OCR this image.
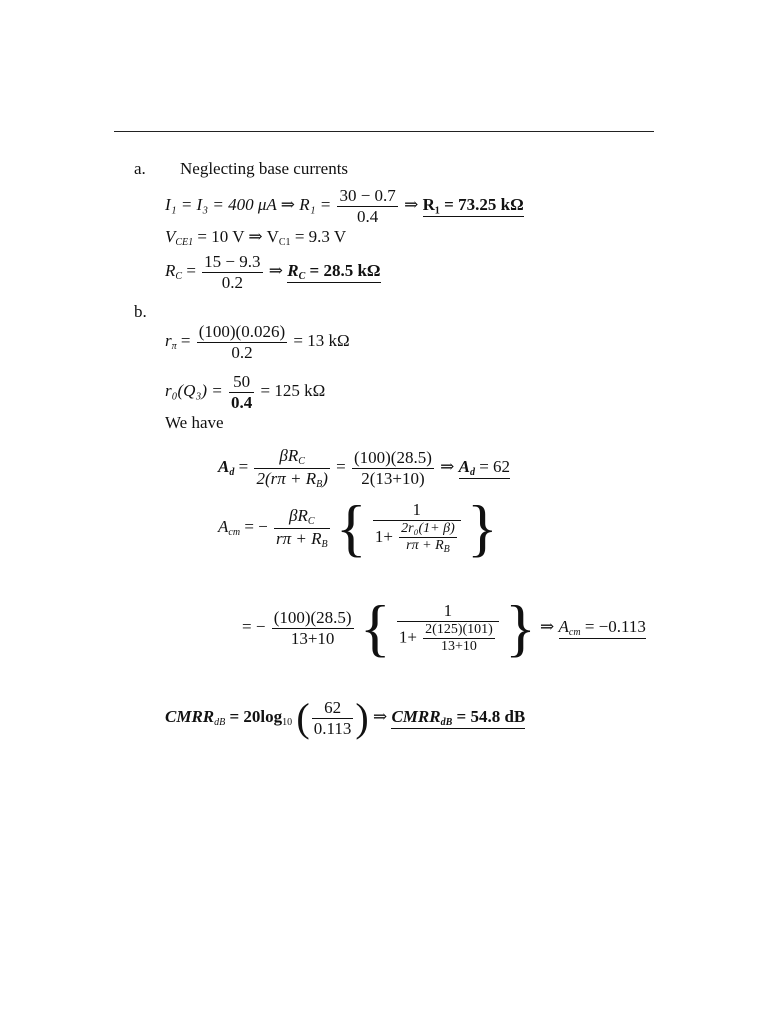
a. Neglecting base currents
I₁ = I₃ = 400 μA ⇒ $R_1 = \frac{30 - 0.7}{0.4}$ ⇒ R₁ = 73.25 kΩ
$V_{CE1} = 10$ V ⇒ $V_{C1} = 9.3$ V
$R_C = \frac{15 - 9.3}{0.2}$ ⇒ $R_C = 28.5$ kΩ
b.
$r_\pi = \frac{(100)(0.026)}{0.2} = 13$ kΩ
$r_0(Q_3) = \frac{50}{0.4} = 125$ kΩ
We have
$A_d = \frac{\beta R_C}{2(r\pi + R_B)} = \frac{(100)(28.5)}{2(13+10)}$ ⇒ $A_d = 62$
$A_{cm}$ = − $\frac{\beta R_C}{r\pi + R_B}$ { $\frac{1}{1+ \frac{\text{2r₀(1+ β)}}{r\pi + R_B}}$ }
= − $\frac{(100)(28.5)}{13+10}$ { $\frac{1}{1+ \frac{2(125)(101)}{13+10}}$ } ⇒ $A_{cm} = -0.113$
$CMRR_{dB} = 20\log_{10}$ ( $\frac{62}{0.113}$ ) ⇒ $CMRR_{dB} = 54.8$ dB
